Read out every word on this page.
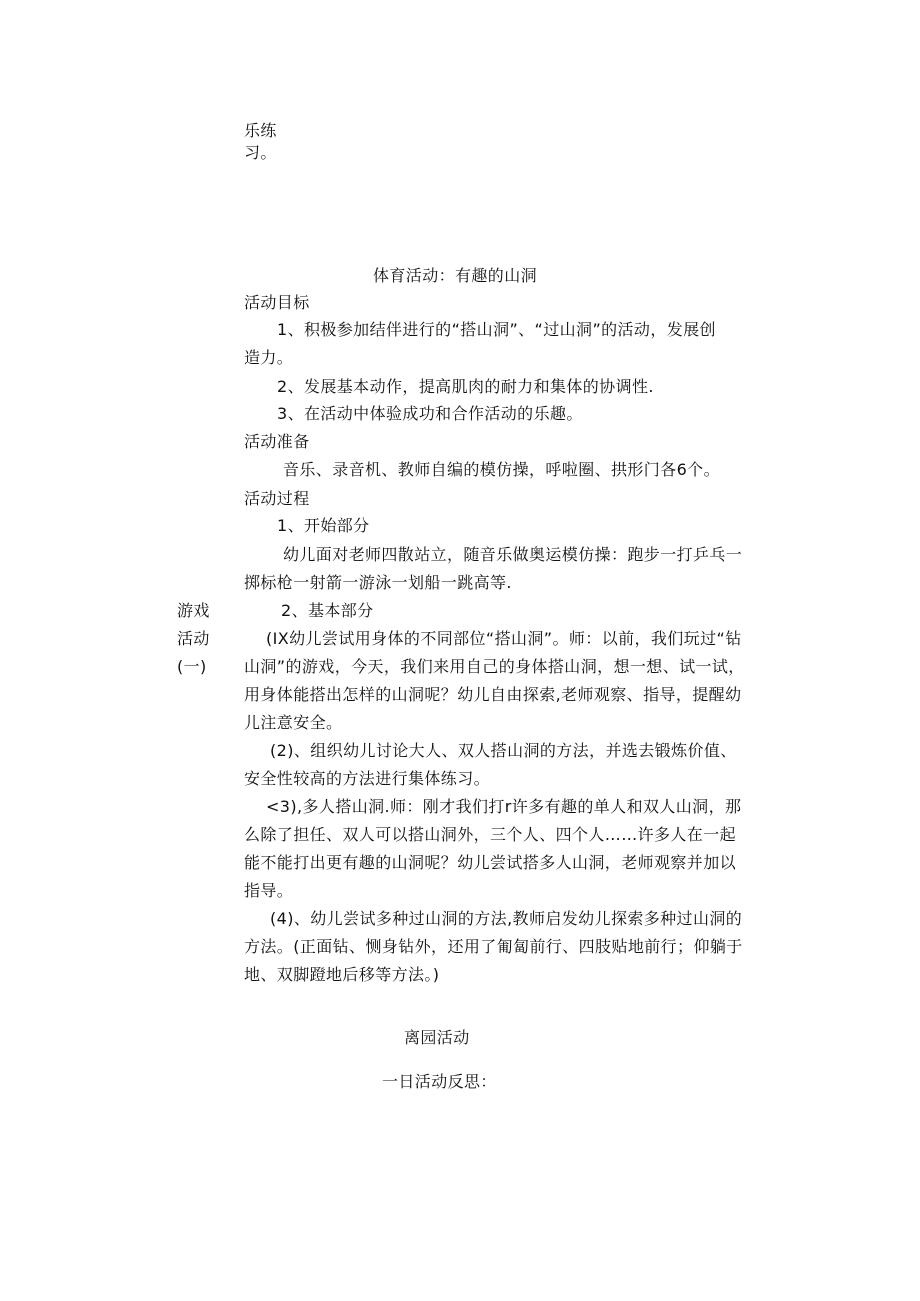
乐练
习。
体育活动：有趣的山洞
活动目标
1、积极参加结伴进行的“搭山洞”、“过山洞”的活动，发展创
造力。
2、发展基本动作，提高肌肉的耐力和集体的协调性.
3、在活动中体验成功和合作活动的乐趣。
活动准备
音乐、录音机、教师自编的模仿操，呼啦圈、拱形门各6个。
活动过程
1、开始部分
幼儿面对老师四散站立，随音乐做奥运模仿操：跑步一打乒乓一
掷标枪一射箭一游泳一划船一跳高等.
游戏
活动
(一)
2、基本部分
(IX幼儿尝试用身体的不同部位“搭山洞”。师：以前，我们玩过“钻
山洞”的游戏，今天，我们来用自己的身体搭山洞，想一想、试一试，
用身体能搭出怎样的山洞呢？幼儿自由探索,老师观察、指导，提醒幼
儿注意安全。
(2)、组织幼儿讨论大人、双人搭山洞的方法，并选去锻炼价值、
安全性较高的方法进行集体练习。
<3),多人搭山洞.师：刚才我们打r许多有趣的单人和双人山洞，那
么除了担任、双人可以搭山洞外，三个人、四个人……许多人在一起
能不能打出更有趣的山洞呢？幼儿尝试搭多人山洞，老师观察并加以
指导。
(4)、幼儿尝试多种过山洞的方法,教师启发幼儿探索多种过山洞的
方法。(正面钻、恻身钻外，还用了匍匐前行、四肢贴地前行；仰躺于
地、双脚蹬地后移等方法。)
离园活动
一日活动反思：
